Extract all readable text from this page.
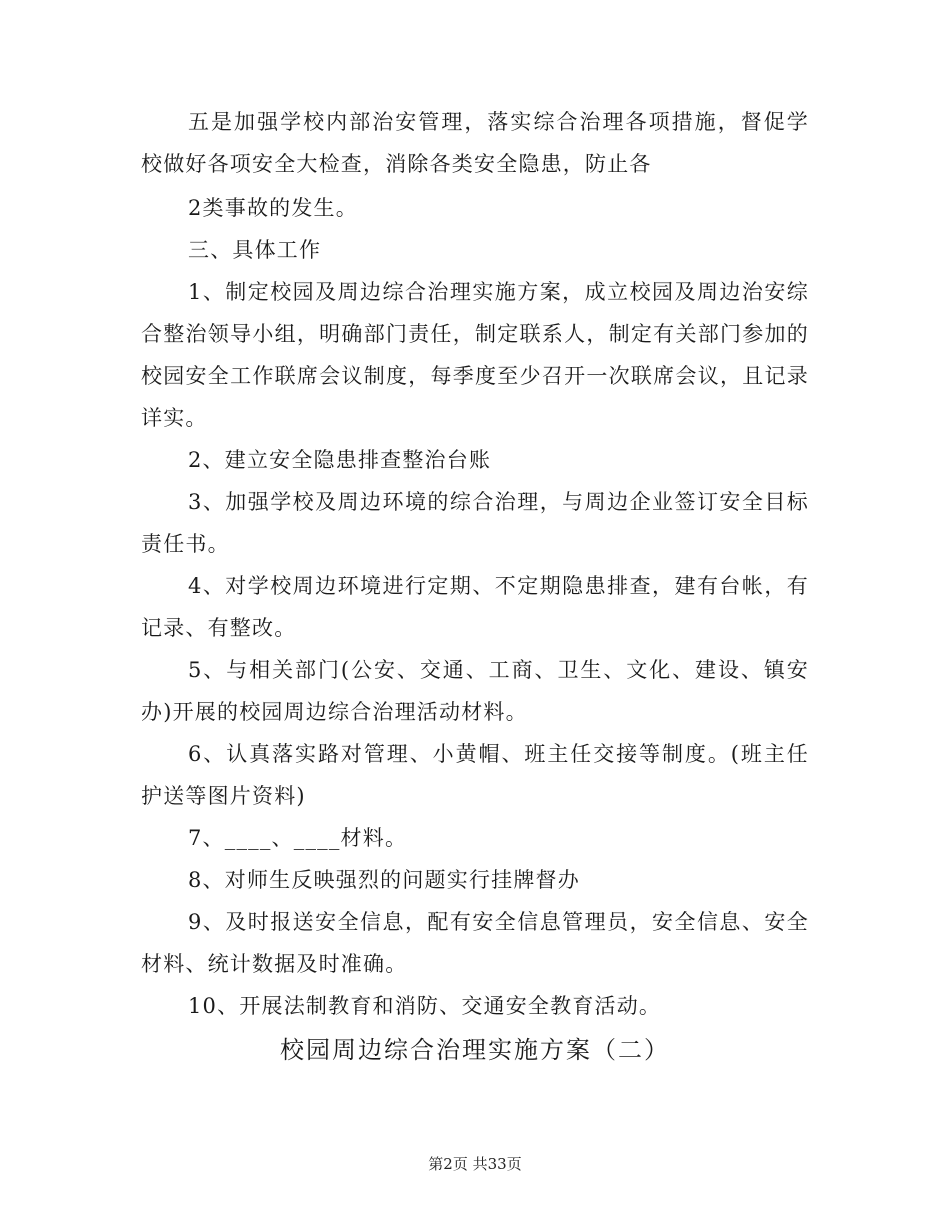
五是加强学校内部治安管理，落实综合治理各项措施，督促学校做好各项安全大检查，消除各类安全隐患，防止各

2类事故的发生。

三、具体工作

1、制定校园及周边综合治理实施方案，成立校园及周边治安综合整治领导小组，明确部门责任，制定联系人，制定有关部门参加的校园安全工作联席会议制度，每季度至少召开一次联席会议，且记录详实。

2、建立安全隐患排查整治台账

3、加强学校及周边环境的综合治理，与周边企业签订安全目标责任书。

4、对学校周边环境进行定期、不定期隐患排查，建有台帐，有记录、有整改。

5、与相关部门(公安、交通、工商、卫生、文化、建设、镇安办)开展的校园周边综合治理活动材料。

6、认真落实路对管理、小黄帽、班主任交接等制度。(班主任护送等图片资料)

7、____、____材料。

8、对师生反映强烈的问题实行挂牌督办

9、及时报送安全信息，配有安全信息管理员，安全信息、安全材料、统计数据及时准确。

10、开展法制教育和消防、交通安全教育活动。

校园周边综合治理实施方案（二）
第2页 共33页
